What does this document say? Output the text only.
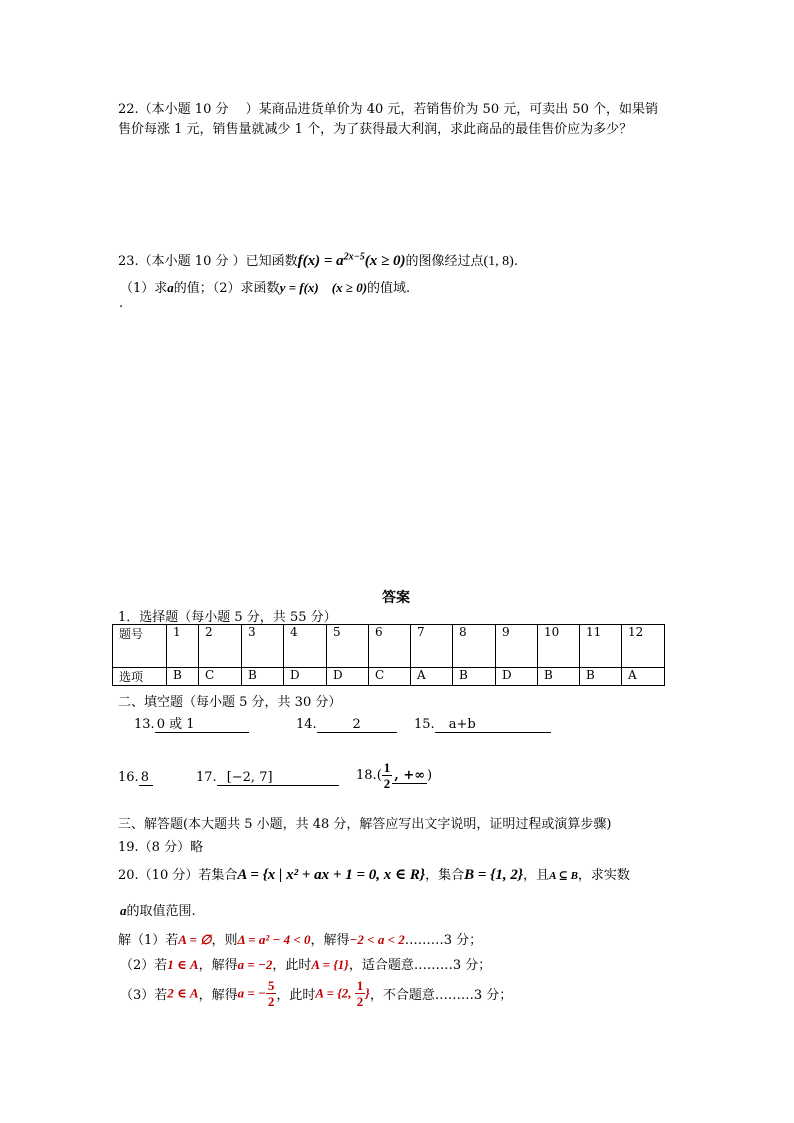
22.（本小题 10 分　 ）某商品进货单价为 40 元，若销售价为 50 元，可卖出 50 个，如果销
售价每涨 1 元，销售量就减少 1 个，为了获得最大利润，求此商品的最佳售价应为多少？
23.（本小题 10 分 ）已知函数$f(x) = a^{2x-5}(x \ge 0)$的图像经过点(1, 8).
（1）求a的值；（2）求函数y = f(x)　(x ≥ 0)的值域.
.
答案
1．选择题（每小题 5 分，共 55 分）
题号	1	2	3	4	5	6	7	8	9	10	11	12
选项	B	C	B	D	D	C	A	B	D	B	B	A
二、填空题（每小题 5 分，共 30 分）
13. 0 或 1	14.	2	15. a+b
16. 8	17. [−2, 7]	$18.( \frac{1}{2}$ , +∞ )
三、解答题(本大题共 5 小题，共 48 分，解答应写出文字说明，证明过程或演算步骤)
19.（8 分）略
20.（10 分）若集合A = {x | x² + ax + 1 = 0, x ∈ R}，集合B = {1, 2}，且A ⊆ B，求实数
a的取值范围.
解（1）若A = ∅，则Δ = a² − 4 < 0，解得−2 < a < 2………3 分；
（2）若1 ∈ A，解得a = −2，此时A = {1}，适合题意………3 分；
（3）若2 ∈ A，解得a = − $\frac{5}{2}$ ，此时A = {2, $\frac{1}{2}$ }，不合题意………3 分；
